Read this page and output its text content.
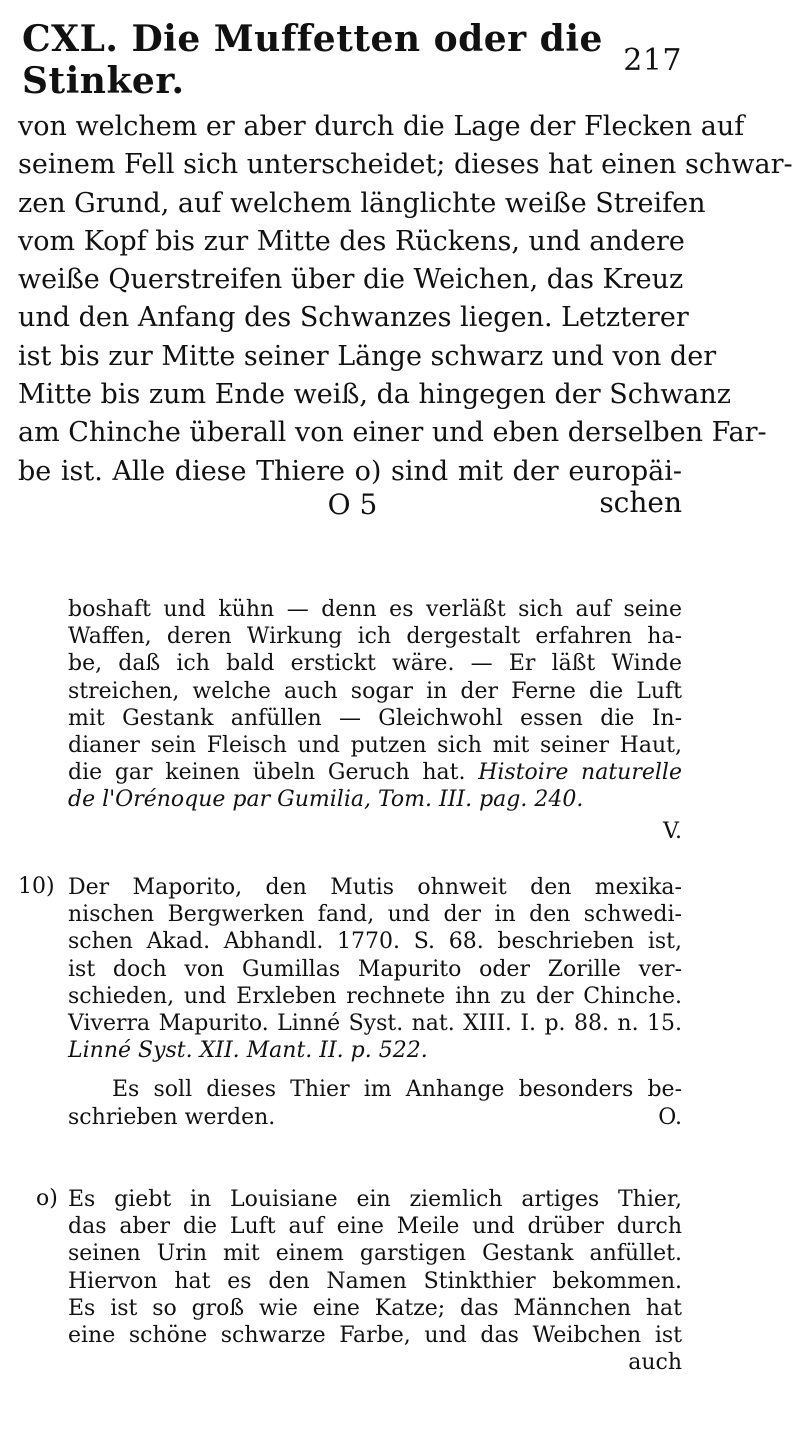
CXL. Die Muffetten oder die Stinker.	217
von welchem er aber durch die Lage der Flecken auf
seinem Fell sich unterscheidet; dieses hat einen schwar-
zen Grund, auf welchem länglichte weiße Streifen
vom Kopf bis zur Mitte des Rückens, und andere
weiße Querstreifen über die Weichen, das Kreuz
und den Anfang des Schwanzes liegen. Letzterer
ist bis zur Mitte seiner Länge schwarz und von der
Mitte bis zum Ende weiß, da hingegen der Schwanz
am Chinche überall von einer und eben derselben Far-
be ist. Alle diese Thiere o) sind mit der europäi-
O 5	schen
boshaft und kühn — denn es verläßt sich auf seine
Waffen, deren Wirkung ich dergestalt erfahren ha-
be, daß ich bald erstickt wäre. — Er läßt Winde
streichen, welche auch sogar in der Ferne die Luft
mit Gestank anfüllen — Gleichwohl essen die In-
dianer sein Fleisch und putzen sich mit seiner Haut,
die gar keinen übeln Geruch hat. Histoire naturelle
de l'Orénoque par Gumilia, Tom. III. pag. 240.
V.
10) Der Maporito, den Mutis ohnweit den mexika-
nischen Bergwerken fand, und der in den schwedi-
schen Akad. Abhandl. 1770. S. 68. beschrieben ist,
ist doch von Gumillas Mapurito oder Zorille ver-
schieden, und Erxleben rechnete ihn zu der Chinche.
Viverra Mapurito. Linné Syst. nat. XIII. I. p. 88. n. 15.
Linné Syst. XII. Mant. II. p. 522.
Es soll dieses Thier im Anhange besonders be-
schrieben werden.	O.
o) Es giebt in Louisiane ein ziemlich artiges Thier,
das aber die Luft auf eine Meile und drüber durch
seinen Urin mit einem garstigen Gestank anfüllet.
Hiervon hat es den Namen Stinkthier bekommen.
Es ist so groß wie eine Katze; das Männchen hat
eine schöne schwarze Farbe, und das Weibchen ist
auch
